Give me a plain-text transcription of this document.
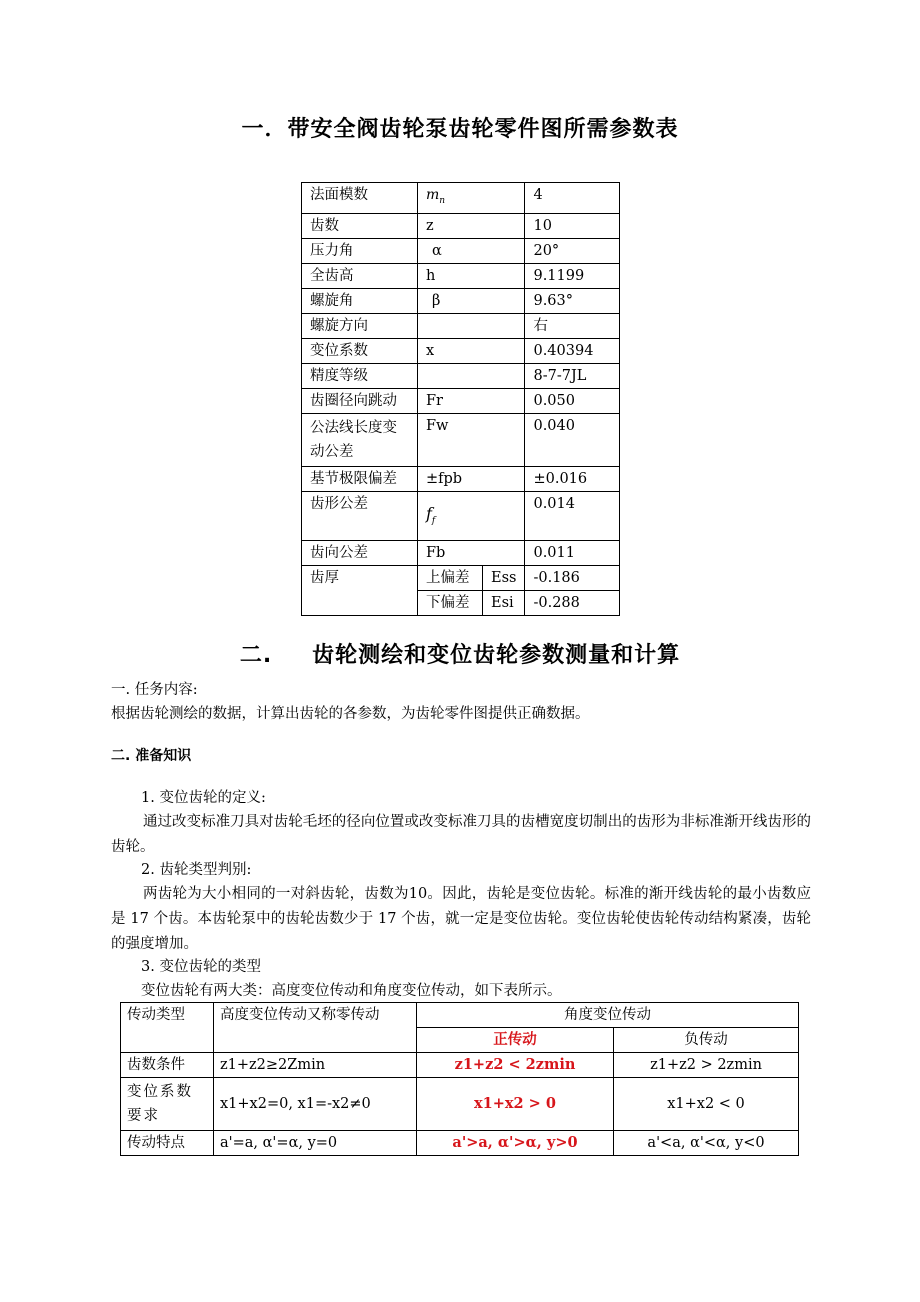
一．带安全阀齿轮泵齿轮零件图所需参数表
法面模数	$m_n$		4
齿数	z		10
压力角	α		20°
全齿高	h		9.1199
螺旋角	β		9.63°
螺旋方向			右
变位系数	x		0.40394
精度等级			8-7-7JL
齿圈径向跳动	Fr		0.050
公法线长度变动公差	Fw		0.040
基节极限偏差	±fpb		±0.016
齿形公差	$f_f$		0.014
齿向公差	Fb		0.011
齿厚	上偏差	Ess	-0.186
	下偏差	Esi	-0.288
二. 齿轮测绘和变位齿轮参数测量和计算

一. 任务内容:

根据齿轮测绘的数据，计算出齿轮的各参数，为齿轮零件图提供正确数据。

二. 准备知识

1. 变位齿轮的定义:

通过改变标准刀具对齿轮毛坯的径向位置或改变标准刀具的齿槽宽度切制出的齿形为非标准渐开线齿形的齿轮。

2. 齿轮类型判别:

两齿轮为大小相同的一对斜齿轮，齿数为10。因此，齿轮是变位齿轮。标准的渐开线齿轮的最小齿数应是 17 个齿。本齿轮泵中的齿轮齿数少于 17 个齿，就一定是变位齿轮。变位齿轮使齿轮传动结构紧凑，齿轮的强度增加。

3. 变位齿轮的类型

变位齿轮有两大类：高度变位传动和角度变位传动，如下表所示。

传动类型	高度变位传动又称零传动	角度变位传动	
		正传动	负传动
齿数条件	z1+z2≥2Zmin	z1+z2 < 2zmin	z1+z2 > 2zmin
变位系数要求	x1+x2=0, x1=-x2≠0	x1+x2 > 0	x1+x2 < 0
传动特点	a'=a, α'=α, y=0	a'>a, α'>α, y>0	a'<a, α'<α, y<0
